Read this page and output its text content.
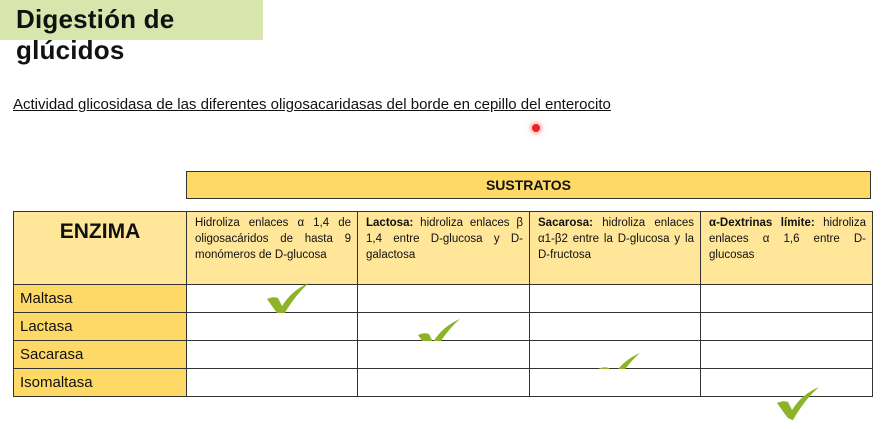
Digestión de glúcidos
Actividad glicosidasa de las diferentes oligosacaridasas del borde en cepillo del enterocito
SUSTRATOS
ENZIMA	Hidroliza enlaces α 1,4 de oligosacáridos de hasta 9 monómeros de D-glucosa	Lactosa: hidroliza enlaces β 1,4 entre D-glucosa y D-galactosa	Sacarosa: hidroliza enlaces α1-β2 entre la D-glucosa y la D-fructosa	α-Dextrinas límite: hidroliza enlaces α 1,6 entre D-glucosas
Maltasa	

Lactasa		

Sacarasa			

Isomaltasa				
